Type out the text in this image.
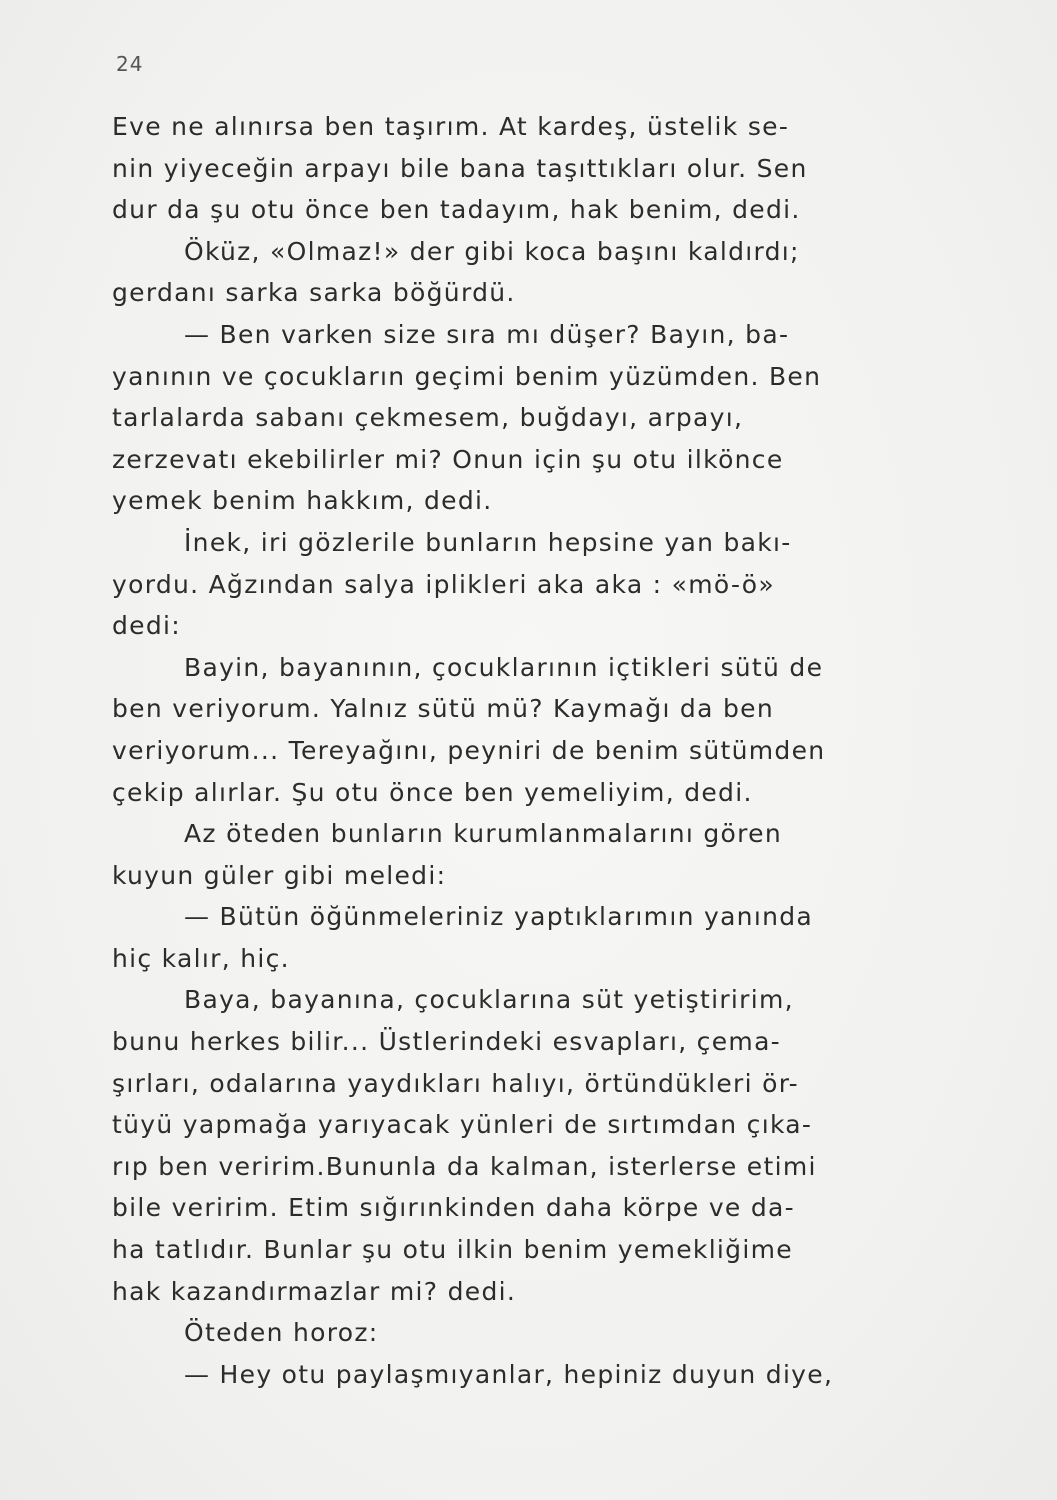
24
Eve ne alınırsa ben taşırım. At kardeş, üstelik se-
nin yiyeceğin arpayı bile bana taşıttıkları olur. Sen
dur da şu otu önce ben tadayım, hak benim, dedi.
Öküz, «Olmaz!» der gibi koca başını kaldırdı;
gerdanı sarka sarka böğürdü.
— Ben varken size sıra mı düşer? Bayın, ba-
yanının ve çocukların geçimi benim yüzümden. Ben
tarlalarda sabanı çekmesem, buğdayı, arpayı,
zerzevatı ekebilirler mi? Onun için şu otu ilkönce
yemek benim hakkım, dedi.
İnek, iri gözlerile bunların hepsine yan bakı-
yordu. Ağzından salya iplikleri aka aka : «mö-ö»
dedi:
Bayin, bayanının, çocuklarının içtikleri sütü de
ben veriyorum. Yalnız sütü mü? Kaymağı da ben
veriyorum... Tereyağını, peyniri de benim sütümden
çekip alırlar. Şu otu önce ben yemeliyim, dedi.
Az öteden bunların kurumlanmalarını gören
kuyun güler gibi meledi:
— Bütün öğünmeleriniz yaptıklarımın yanında
hiç kalır, hiç.
Baya, bayanına, çocuklarına süt yetiştiririm,
bunu herkes bilir... Üstlerindeki esvapları, çema-
şırları, odalarına yaydıkları halıyı, örtündükleri ör-
tüyü yapmağa yarıyacak yünleri de sırtımdan çıka-
rıp ben veririm.Bununla da kalman, isterlerse etimi
bile veririm. Etim sığırınkinden daha körpe ve da-
ha tatlıdır. Bunlar şu otu ilkin benim yemekliğime
hak kazandırmazlar mi? dedi.
Öteden horoz:
— Hey otu paylaşmıyanlar, hepiniz duyun diye,
